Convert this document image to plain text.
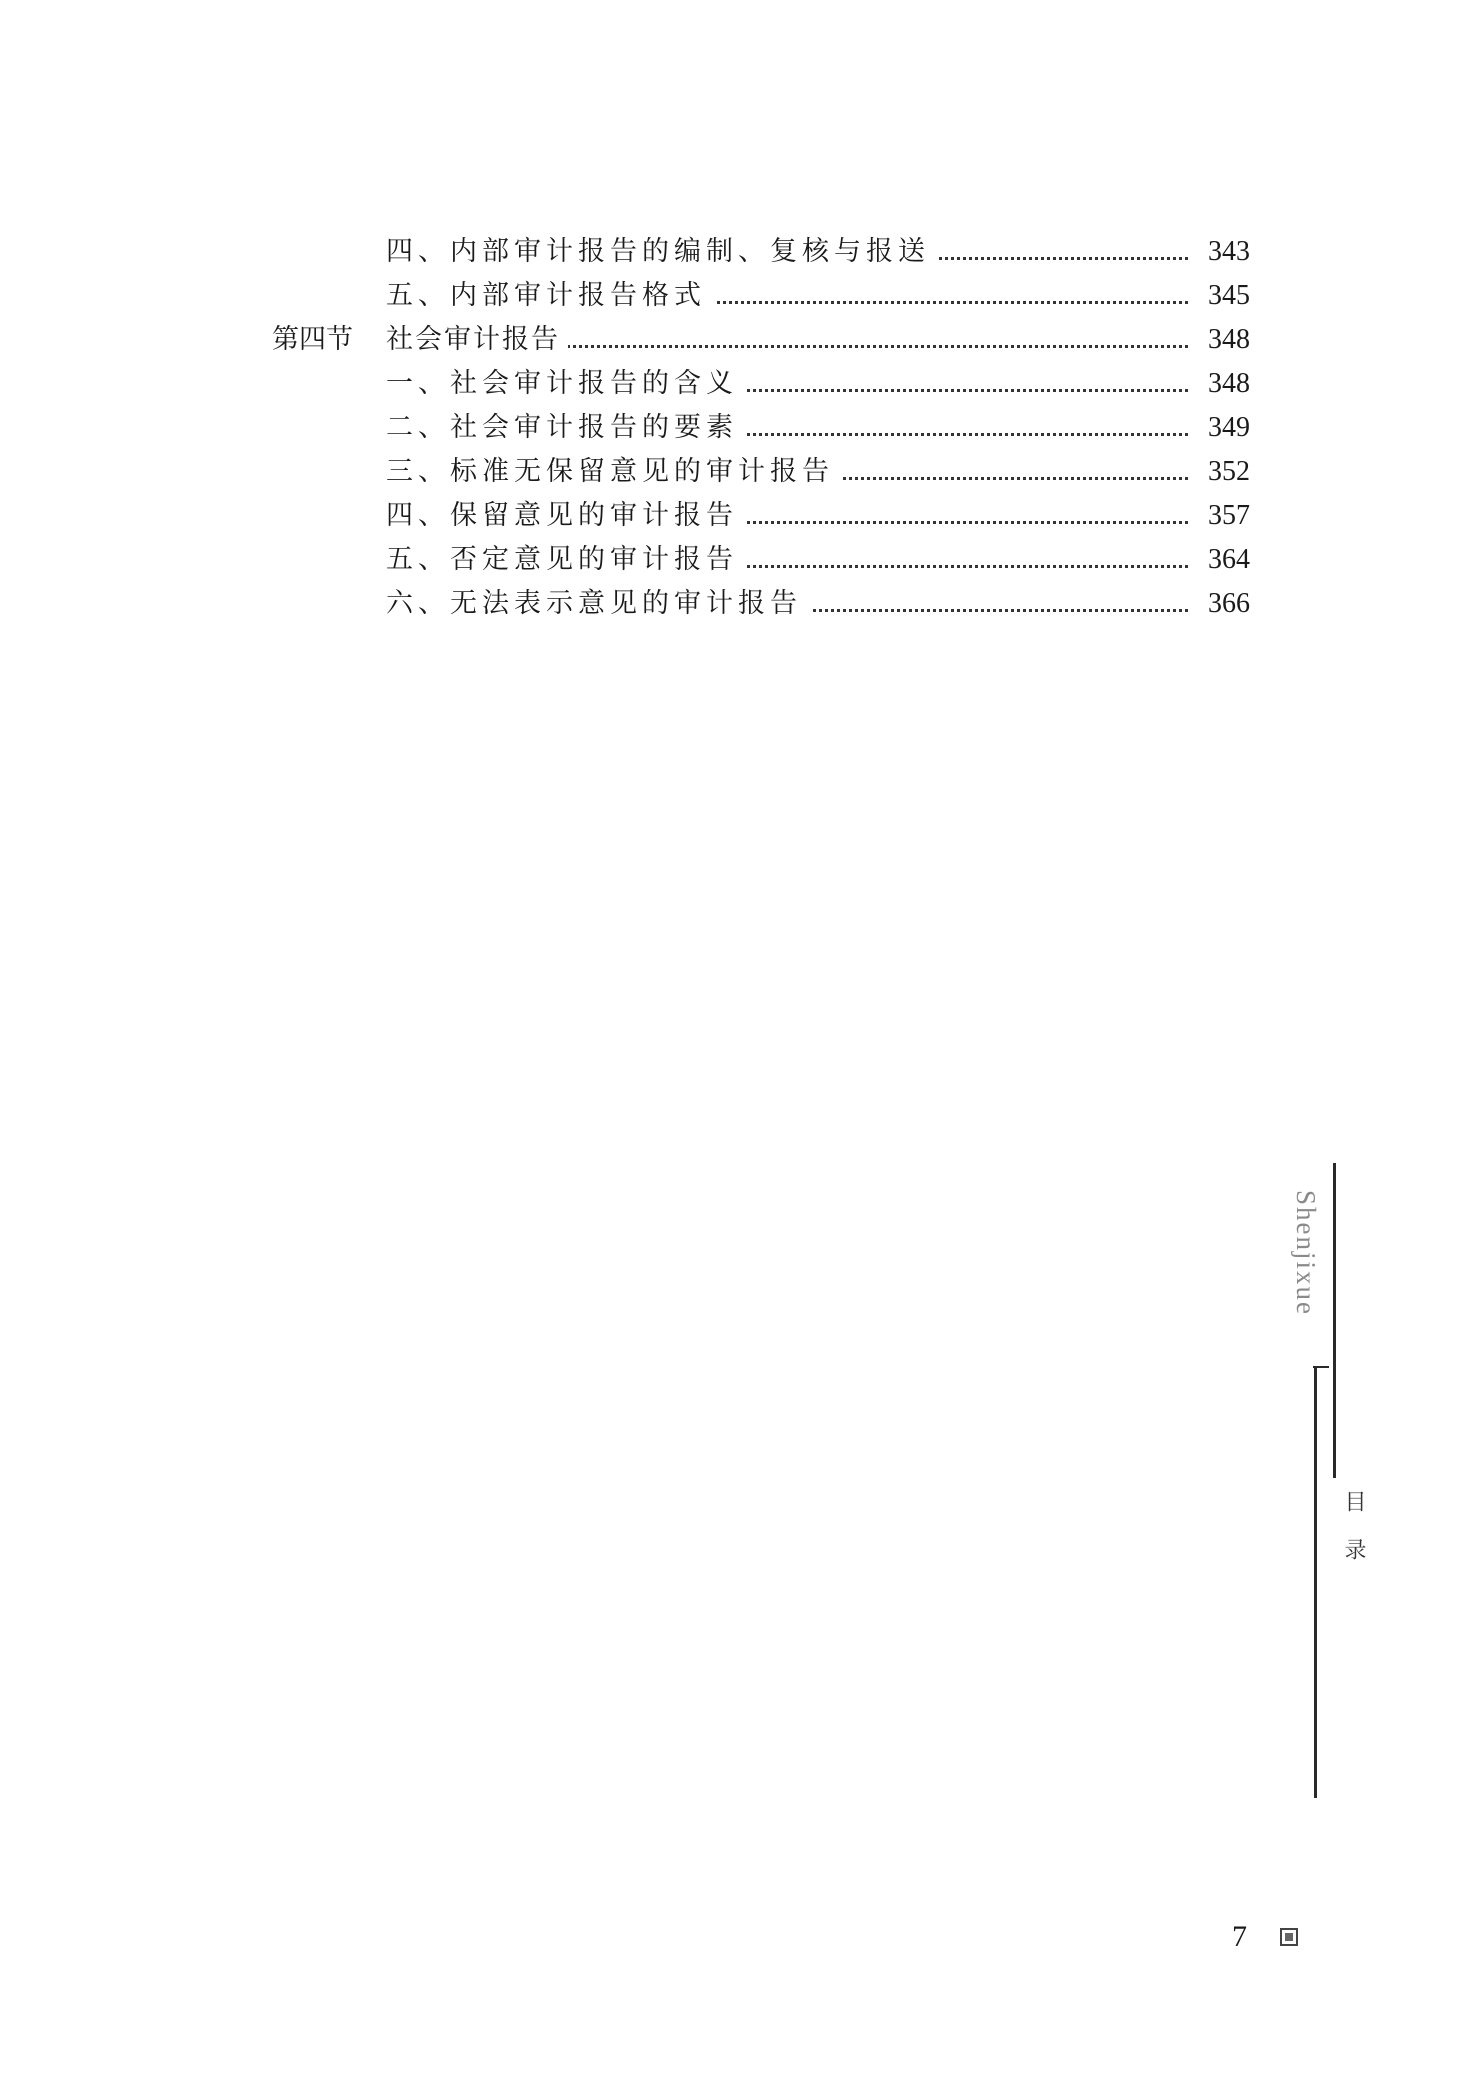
四、内部审计报告的编制、复核与报送	343
五、内部审计报告格式	345
第四节 社会审计报告	348
一、社会审计报告的含义	348
二、社会审计报告的要素	349
三、标准无保留意见的审计报告	352
四、保留意见的审计报告	357
五、否定意见的审计报告	364
六、无法表示意见的审计报告	366
Shenjixue
目录
7
